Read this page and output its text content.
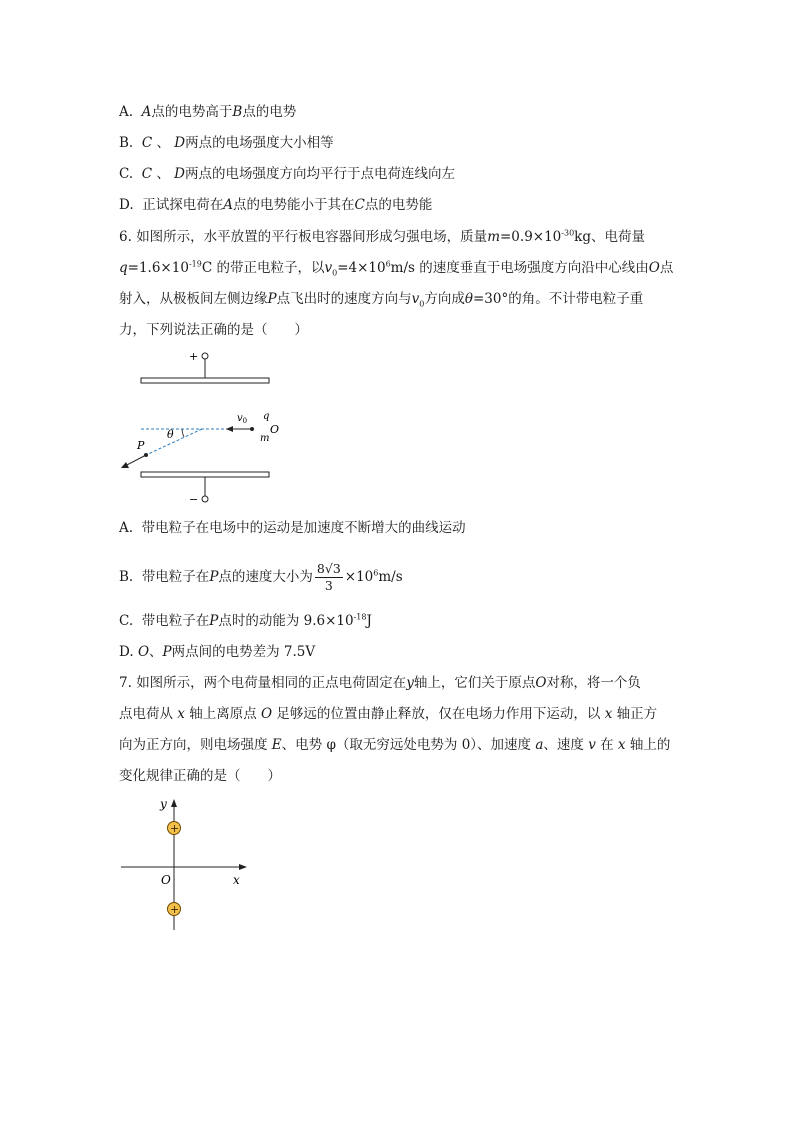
A. A点的电势高于B点的电势
B. C 、 D两点的电场强度大小相等
C. C 、 D两点的电场强度方向均平行于点电荷连线向左
D. 正试探电荷在A点的电势能小于其在C点的电势能
6. 如图所示，水平放置的平行板电容器间形成匀强电场，质量$m=0.9\times 10^{-30}kg$、电荷量
$q=1.6\times 10^{-19}C$ 的带正电粒子，以$v_0=4\times 10^6m/s$ 的速度垂直于电场强度方向沿中心线由O点
射入，从极板间左侧边缘P点飞出时的速度方向与$v_0$方向成θ=30°的角。不计带电粒子重
力，下列说法正确的是（　　）
+
θ
$v_0$ q
O
m
P
−
A. 带电粒子在电场中的运动是加速度不断增大的曲线运动
B. 带电粒子在P点的速度大小为 $\frac{8√3}{3} \times 10^6m/s$
C. 带电粒子在P点时的动能为 $9.6\times 10^{-18}J$
D. O、P两点间的电势差为 7.5V
7. 如图所示，两个电荷量相同的正点电荷固定在y轴上，它们关于原点O对称，将一个负
点电荷从 x 轴上离原点 O 足够远的位置由静止释放，仅在电场力作用下运动，以 x 轴正方
向为正方向，则电场强度 E、电势 φ（取无穷远处电势为 0）、加速度 a、速度 v 在 x 轴上的
变化规律正确的是（　　）
y
x
O
+
+
